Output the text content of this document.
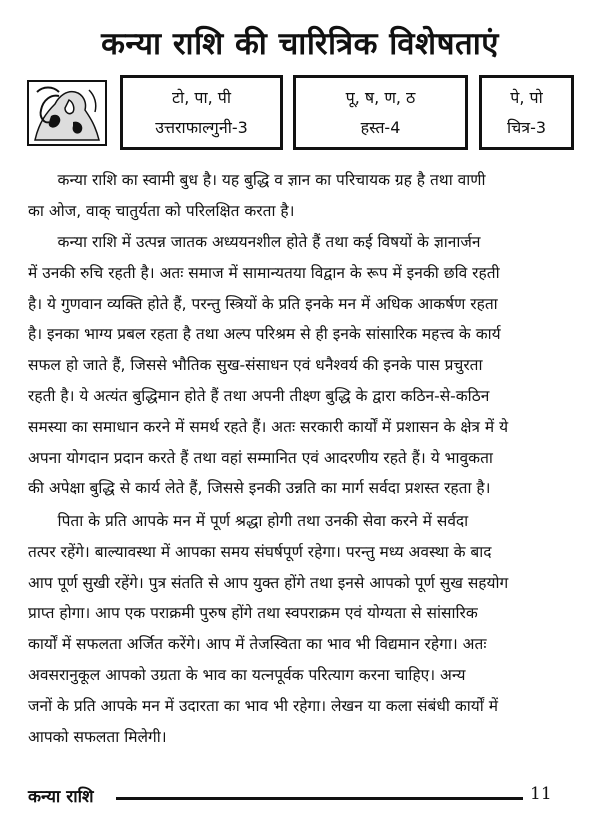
कन्या राशि की चारित्रिक विशेषताएं
टो, पा, पी
उत्तराफाल्गुनी-3
पू, ष, ण, ठ
हस्त-4
पे, पो
चित्र-3
कन्या राशि का स्वामी बुध है। यह बुद्धि व ज्ञान का परिचायक ग्रह है तथा वाणी
का ओज, वाक् चातुर्यता को परिलक्षित करता है।
कन्या राशि में उत्पन्न जातक अध्ययनशील होते हैं तथा कई विषयों के ज्ञानार्जन
में उनकी रुचि रहती है। अतः समाज में सामान्यतया विद्वान के रूप में इनकी छवि रहती
है। ये गुणवान व्यक्ति होते हैं, परन्तु स्त्रियों के प्रति इनके मन में अधिक आकर्षण रहता
है। इनका भाग्य प्रबल रहता है तथा अल्प परिश्रम से ही इनके सांसारिक महत्त्व के कार्य
सफल हो जाते हैं, जिससे भौतिक सुख-संसाधन एवं धनैश्वर्य की इनके पास प्रचुरता
रहती है। ये अत्यंत बुद्धिमान होते हैं तथा अपनी तीक्ष्ण बुद्धि के द्वारा कठिन-से-कठिन
समस्या का समाधान करने में समर्थ रहते हैं। अतः सरकारी कार्यों में प्रशासन के क्षेत्र में ये
अपना योगदान प्रदान करते हैं तथा वहां सम्मानित एवं आदरणीय रहते हैं। ये भावुकता
की अपेक्षा बुद्धि से कार्य लेते हैं, जिससे इनकी उन्नति का मार्ग सर्वदा प्रशस्त रहता है।
पिता के प्रति आपके मन में पूर्ण श्रद्धा होगी तथा उनकी सेवा करने में सर्वदा
तत्पर रहेंगे। बाल्यावस्था में आपका समय संघर्षपूर्ण रहेगा। परन्तु मध्य अवस्था के बाद
आप पूर्ण सुखी रहेंगे। पुत्र संतति से आप युक्त होंगे तथा इनसे आपको पूर्ण सुख सहयोग
प्राप्त होगा। आप एक पराक्रमी पुरुष होंगे तथा स्वपराक्रम एवं योग्यता से सांसारिक
कार्यों में सफलता अर्जित करेंगे। आप में तेजस्विता का भाव भी विद्यमान रहेगा। अतः
अवसरानुकूल आपको उग्रता के भाव का यत्नपूर्वक परित्याग करना चाहिए। अन्य
जनों के प्रति आपके मन में उदारता का भाव भी रहेगा। लेखन या कला संबंधी कार्यों में
आपको सफलता मिलेगी।
कन्या राशि	11
